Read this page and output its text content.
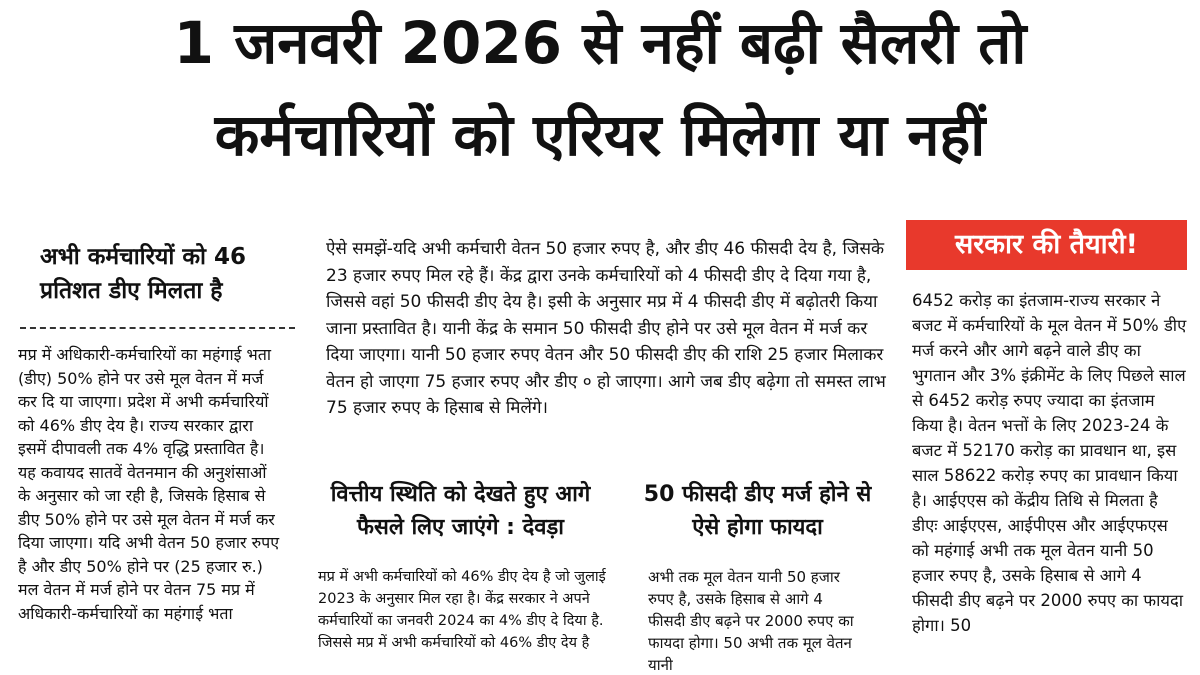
1 जनवरी 2026 से नहीं बढ़ी सैलरी तो
कर्मचारियों को एरियर मिलेगा या नहीं
अभी कर्मचारियों को 46 प्रतिशत डीए मिलता है

मप्र में अधिकारी-कर्मचारियों का महंगाई भता (डीए) 50% होने पर उसे मूल वेतन में मर्ज कर दि या जाएगा। प्रदेश में अभी कर्मचारियों को 46% डीए देय है। राज्य सरकार द्वारा इसमें दीपावली तक 4% वृद्धि प्रस्तावित है। यह कवायद सातवें वेतनमान की अनुशंसाओं के अनुसार को जा रही है, जिसके हिसाब से डीए 50% होने पर उसे मूल वेतन में मर्ज कर दिया जाएगा। यदि अभी वेतन 50 हजार रुपए है और डीए 50% होने पर (25 हजार रु.) मल वेतन में मर्ज होने पर वेतन 75 मप्र में अधिकारी-कर्मचारियों का महंगाई भता

ऐसे समझें-यदि अभी कर्मचारी वेतन 50 हजार रुपए है, और डीए 46 फीसदी देय है, जिसके 23 हजार रुपए मिल रहे हैं। केंद्र द्वारा उनके कर्मचारियों को 4 फीसदी डीए दे दिया गया है, जिससे वहां 50 फीसदी डीए देय है। इसी के अनुसार मप्र में 4 फीसदी डीए में बढ़ोतरी किया जाना प्रस्तावित है। यानी केंद्र के समान 50 फीसदी डीए होने पर उसे मूल वेतन में मर्ज कर दिया जाएगा। यानी 50 हजार रुपए वेतन और 50 फीसदी डीए की राशि 25 हजार मिलाकर वेतन हो जाएगा 75 हजार रुपए और डीए ० हो जाएगा। आगे जब डीए बढ़ेगा तो समस्त लाभ 75 हजार रुपए के हिसाब से मिलेंगे।

वित्तीय स्थिति को देखते हुए आगे फैसले लिए जाएंगे : देवड़ा
50 फीसदी डीए मर्ज होने से ऐसे होगा फायदा

मप्र में अभी कर्मचारियों को 46% डीए देय है जो जुलाई 2023 के अनुसार मिल रहा है। केंद्र सरकार ने अपने कर्मचारियों का जनवरी 2024 का 4% डीए दे दिया है. जिससे मप्र में अभी कर्मचारियों को 46% डीए देय है

अभी तक मूल वेतन यानी 50 हजार रुपए है, उसके हिसाब से आगे 4 फीसदी डीए बढ़ने पर 2000 रुपए का फायदा होगा। 50 अभी तक मूल वेतन यानी

सरकार की तैयारी!

6452 करोड़ का इंतजाम-राज्य सरकार ने बजट में कर्मचारियों के मूल वेतन में 50% डीए मर्ज करने और आगे बढ़ने वाले डीए का भुगतान और 3% इंक्रीमेंट के लिए पिछले साल से 6452 करोड़ रुपए ज्यादा का इंतजाम किया है। वेतन भत्तों के लिए 2023-24 के बजट में 52170 करोड़ का प्रावधान था, इस साल 58622 करोड़ रुपए का प्रावधान किया है। आईएएस को केंद्रीय तिथि से मिलता है डीएः आईएएस, आईपीएस और आईएफएस को महंगाई अभी तक मूल वेतन यानी 50 हजार रुपए है, उसके हिसाब से आगे 4 फीसदी डीए बढ़ने पर 2000 रुपए का फायदा होगा। 50
